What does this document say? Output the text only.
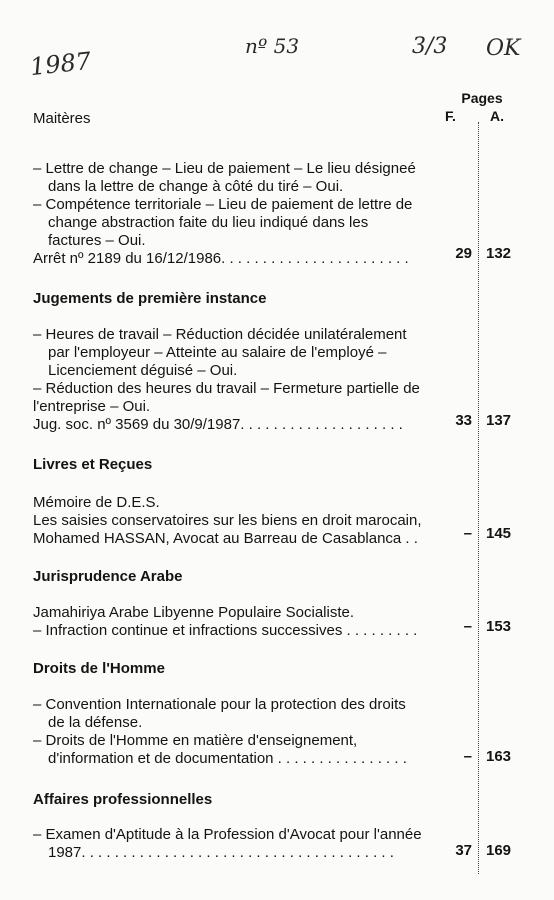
1987
nº 53	3/3 OK
Maitères
Pages
F. A.
– Lettre de change – Lieu de paiement – Le lieu désigneé
dans la lettre de change à côté du tiré – Oui.
– Compétence territoriale – Lieu de paiement de lettre de
change abstraction faite du lieu indiqué dans les
factures – Oui.
Arrêt nº 2189 du 16/12/1986. . . . . . . . . . . . . . . . . . . . . . .	29 132
Jugements de première instance
– Heures de travail – Réduction décidée unilatéralement
par l'employeur – Atteinte au salaire de l'employé –
Licenciement déguisé – Oui.
– Réduction des heures du travail – Fermeture partielle de
l'entreprise – Oui.
Jug. soc. nº 3569 du 30/9/1987. . . . . . . . . . . . . . . . . . . .	33 137
Livres et Reçues
Mémoire de D.E.S.
Les saisies conservatoires sur les biens en droit marocain,
Mohamed HASSAN, Avocat au Barreau de Casablanca . .	– 145
Jurisprudence Arabe
Jamahiriya Arabe Libyenne Populaire Socialiste.
– Infraction continue et infractions successives . . . . . . . . .	– 153
Droits de l'Homme
– Convention Internationale pour la protection des droits
de la défense.
– Droits de l'Homme en matière d'enseignement,
d'information et de documentation . . . . . . . . . . . . . . . .	– 163
Affaires professionnelles
– Examen d'Aptitude à la Profession d'Avocat pour l'année
1987. . . . . . . . . . . . . . . . . . . . . . . . . . . . . . . . . . . . . .	37 169
